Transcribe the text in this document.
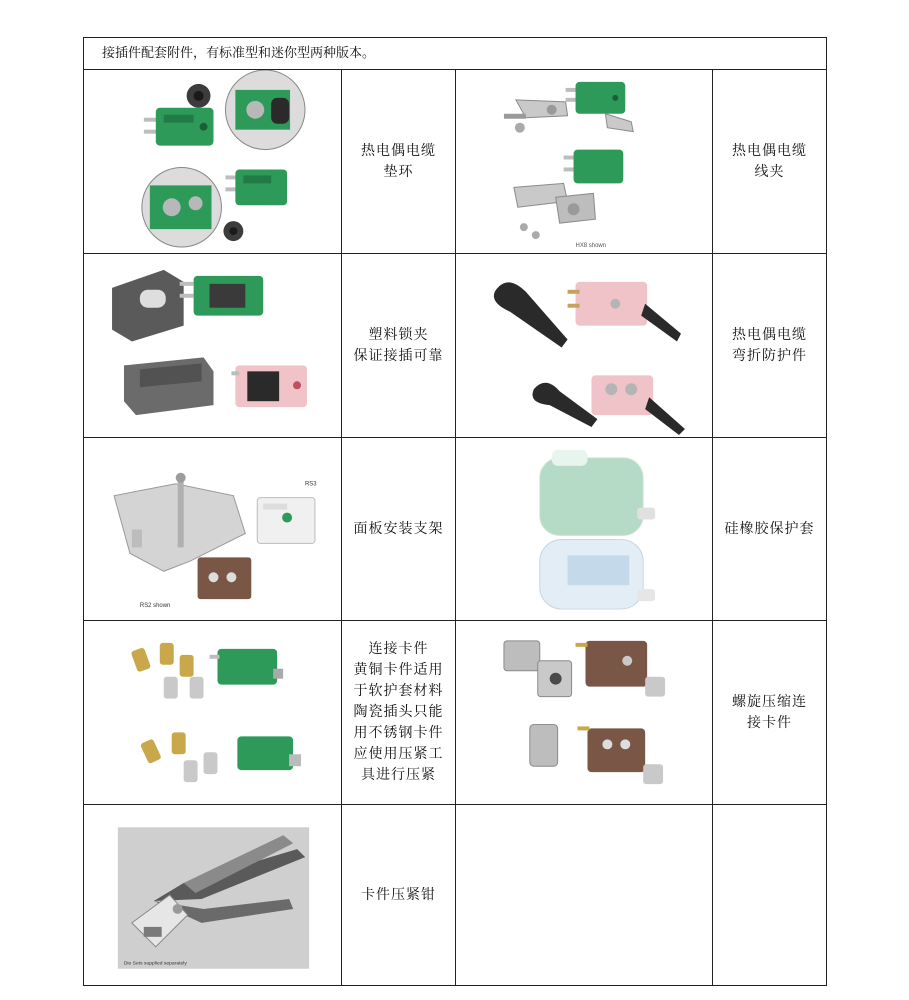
接插件配套附件，有标准型和迷你型两种版本。
热电偶电缆
垫环
HX8 shown
热电偶电缆
线夹
塑料锁夹
保证接插可靠
热电偶电缆
弯折防护件
RS3
RS2 shown
面板安装支架	硅橡胶保护套
连接卡件
黄铜卡件适用
于软护套材料
陶瓷插头只能
用不锈钢卡件
应使用压紧工
具进行压紧
螺旋压缩连
接卡件
Die Sets supplied separately
卡件压紧钳
